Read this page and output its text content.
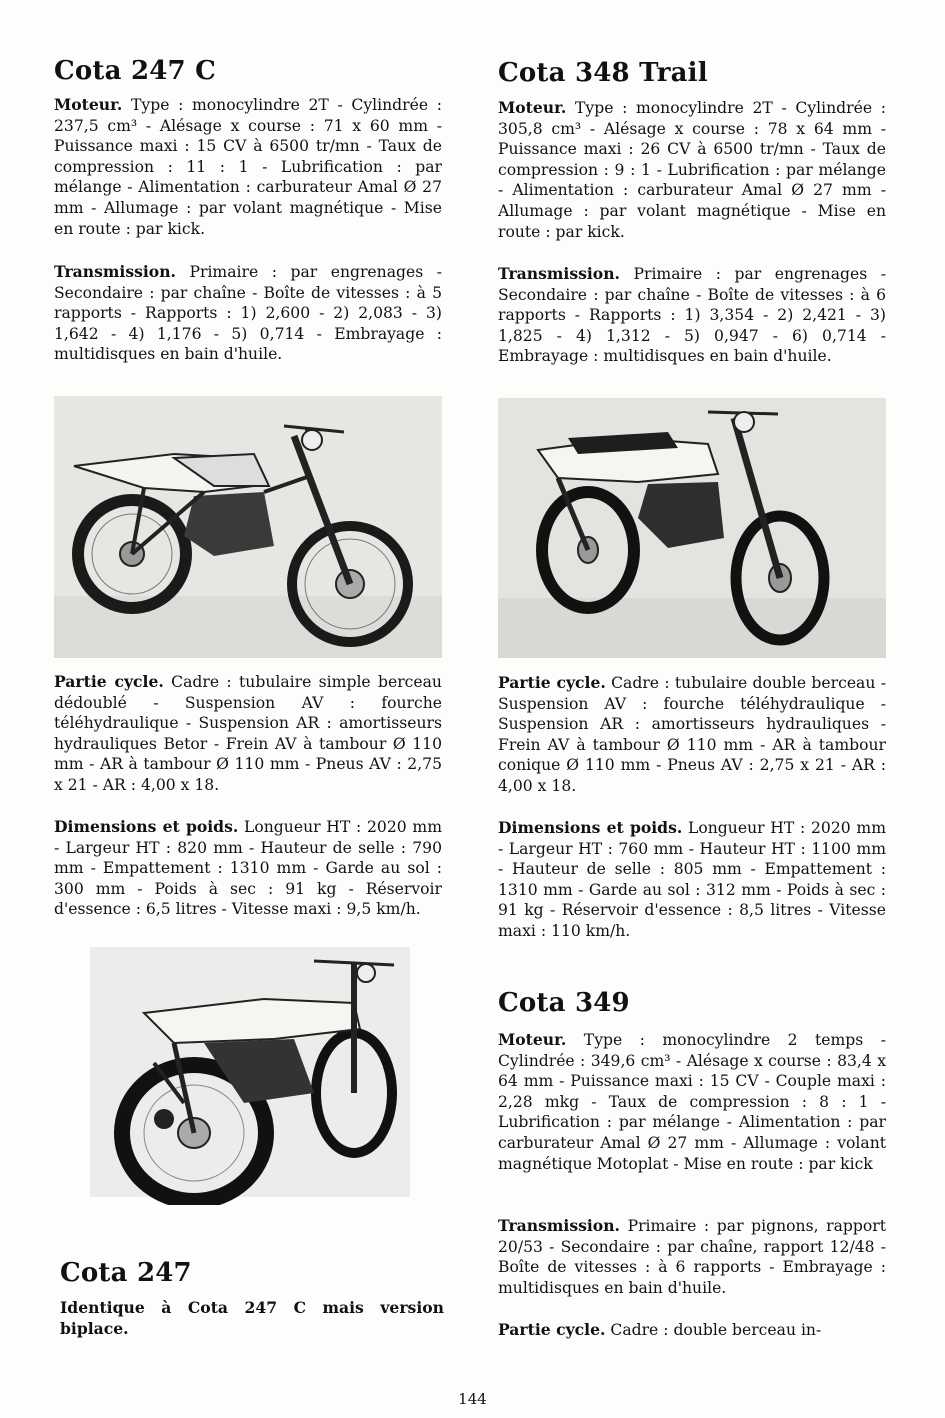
Cota 247 C

Moteur. Type : monocylindre 2T - Cylindrée : 237,5 cm³ - Alésage x course : 71 x 60 mm - Puissance maxi : 15 CV à 6500 tr/mn - Taux de compression : 11 : 1 - Lubrification : par mélange - Alimentation : carburateur Amal Ø 27 mm - Allumage : par volant magnétique - Mise en route : par kick.

Transmission. Primaire : par engrenages - Secondaire : par chaîne - Boîte de vitesses : à 5 rapports - Rapports : 1) 2,600 - 2) 2,083 - 3) 1,642 - 4) 1,176 - 5) 0,714 - Embrayage : multidisques en bain d'huile.

Partie cycle. Cadre : tubulaire simple berceau dédoublé - Suspension AV : fourche téléhydraulique - Suspension AR : amortisseurs hydrauliques Betor - Frein AV à tambour Ø 110 mm - AR à tambour Ø 110 mm - Pneus AV : 2,75 x 21 - AR : 4,00 x 18.

Dimensions et poids. Longueur HT : 2020 mm - Largeur HT : 820 mm - Hauteur de selle : 790 mm - Empattement : 1310 mm - Garde au sol : 300 mm - Poids à sec : 91 kg - Réservoir d'essence : 6,5 litres - Vitesse maxi : 9,5 km/h.

Cota 247

Identique à Cota 247 C mais version biplace.

Cota 348 Trail

Moteur. Type : monocylindre 2T - Cylindrée : 305,8 cm³ - Alésage x course : 78 x 64 mm - Puissance maxi : 26 CV à 6500 tr/mn - Taux de compression : 9 : 1 - Lubrification : par mélange - Alimentation : carburateur Amal Ø 27 mm - Allumage : par volant magnétique - Mise en route : par kick.

Transmission. Primaire : par engrenages - Secondaire : par chaîne - Boîte de vitesses : à 6 rapports - Rapports : 1) 3,354 - 2) 2,421 - 3) 1,825 - 4) 1,312 - 5) 0,947 - 6) 0,714 - Embrayage : multidisques en bain d'huile.

Partie cycle. Cadre : tubulaire double berceau - Suspension AV : fourche téléhydraulique - Suspension AR : amortisseurs hydrauliques - Frein AV à tambour Ø 110 mm - AR à tambour conique Ø 110 mm - Pneus AV : 2,75 x 21 - AR : 4,00 x 18.

Dimensions et poids. Longueur HT : 2020 mm - Largeur HT : 760 mm - Hauteur HT : 1100 mm - Hauteur de selle : 805 mm - Empattement : 1310 mm - Garde au sol : 312 mm - Poids à sec : 91 kg - Réservoir d'essence : 8,5 litres - Vitesse maxi : 110 km/h.

Cota 349

Moteur. Type : monocylindre 2 temps - Cylindrée : 349,6 cm³ - Alésage x course : 83,4 x 64 mm - Puissance maxi : 15 CV - Couple maxi : 2,28 mkg - Taux de compression : 8 : 1 - Lubrification : par mélange - Alimentation : par carburateur Amal Ø 27 mm - Allumage : volant magnétique Motoplat - Mise en route : par kick

Transmission. Primaire : par pignons, rapport 20/53 - Secondaire : par chaîne, rapport 12/48 - Boîte de vitesses : à 6 rapports - Embrayage : multidisques en bain d'huile.

Partie cycle. Cadre : double berceau in-

144
